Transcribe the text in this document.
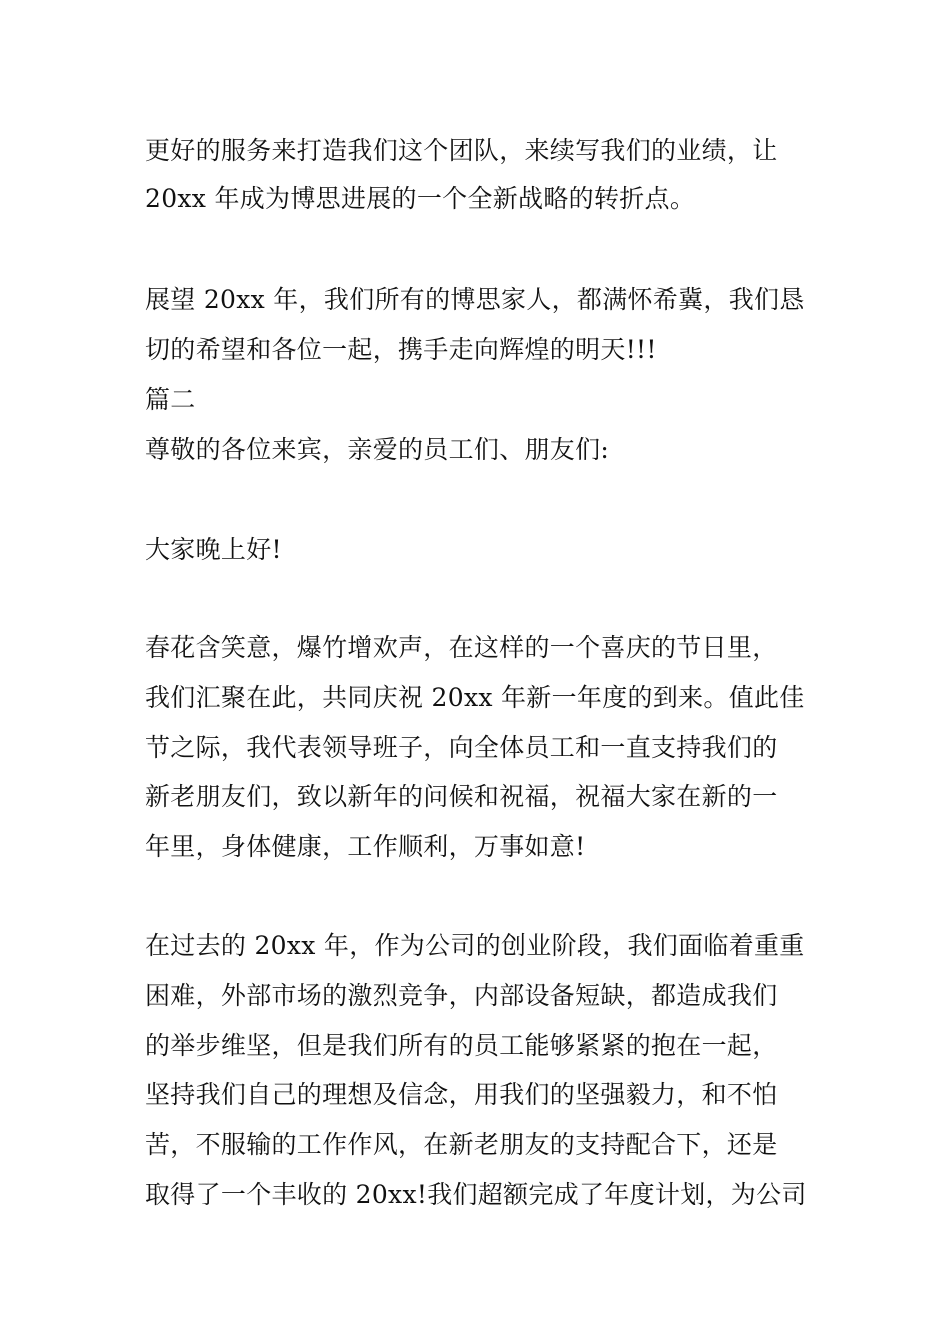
更好的服务来打造我们这个团队，来续写我们的业绩，让
20xx 年成为博思进展的一个全新战略的转折点。
展望 20xx 年，我们所有的博思家人，都满怀希冀，我们恳
切的希望和各位一起，携手走向辉煌的明天!!!
篇二
尊敬的各位来宾，亲爱的员工们、朋友们:
大家晚上好!
春花含笑意，爆竹增欢声，在这样的一个喜庆的节日里，
我们汇聚在此，共同庆祝 20xx 年新一年度的到来。值此佳
节之际，我代表领导班子，向全体员工和一直支持我们的
新老朋友们，致以新年的问候和祝福，祝福大家在新的一
年里，身体健康，工作顺利，万事如意!
在过去的 20xx 年，作为公司的创业阶段，我们面临着重重
困难，外部市场的激烈竞争，内部设备短缺，都造成我们
的举步维坚，但是我们所有的员工能够紧紧的抱在一起，
坚持我们自己的理想及信念，用我们的坚强毅力，和不怕
苦，不服输的工作作风，在新老朋友的支持配合下，还是
取得了一个丰收的 20xx!我们超额完成了年度计划，为公司
